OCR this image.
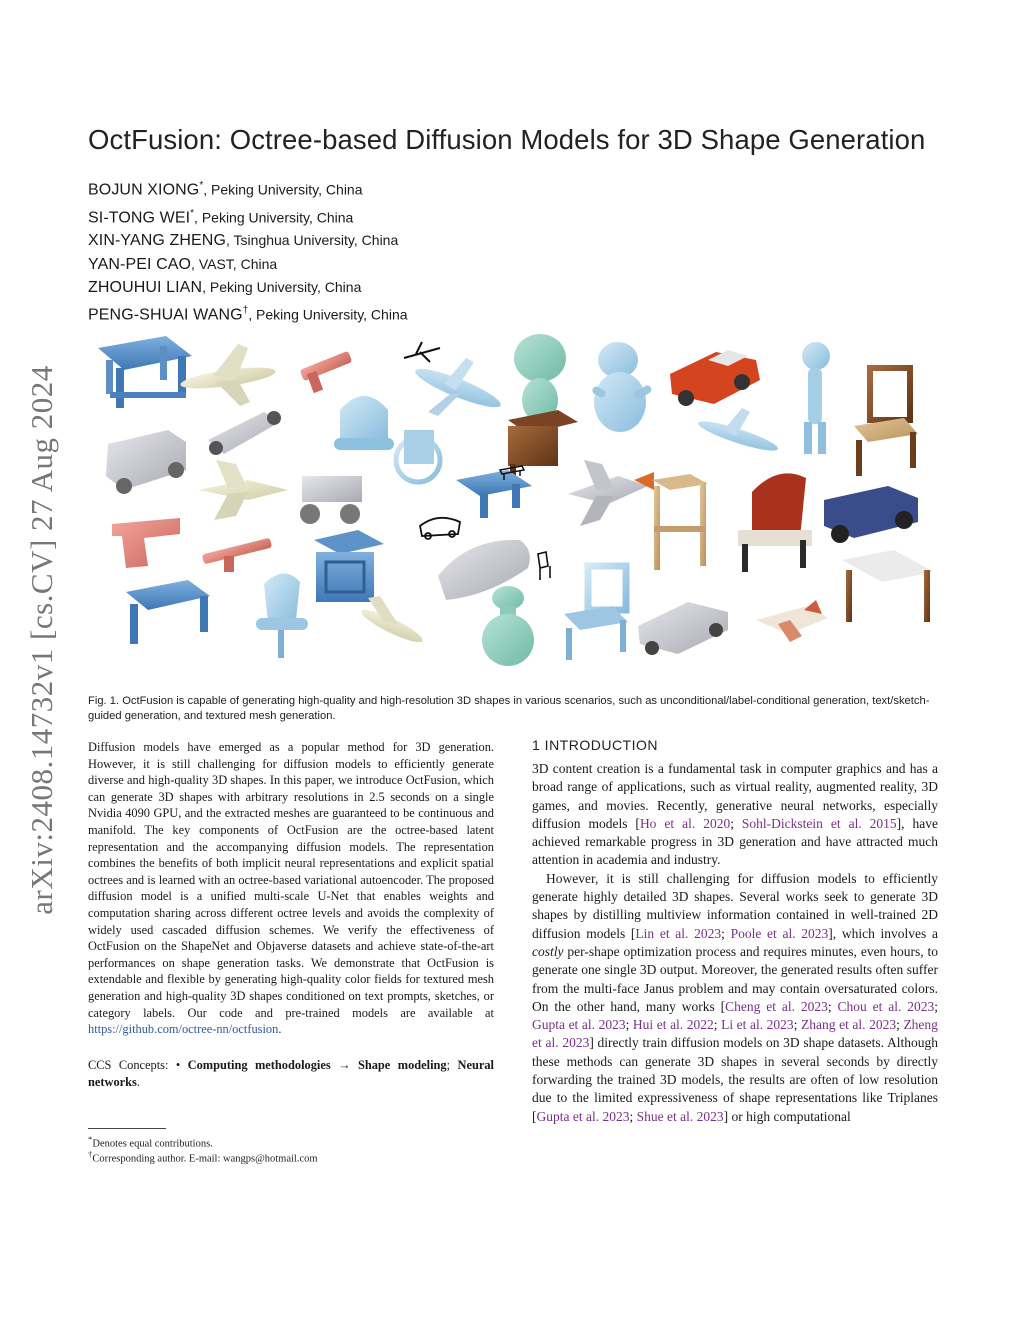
arXiv:2408.14732v1 [cs.CV] 27 Aug 2024
OctFusion: Octree-based Diffusion Models for 3D Shape Generation
BOJUN XIONG*, Peking University, China
SI-TONG WEI*, Peking University, China
XIN-YANG ZHENG, Tsinghua University, China
YAN-PEI CAO, VAST, China
ZHOUHUI LIAN, Peking University, China
PENG-SHUAI WANG†, Peking University, China
Fig. 1. OctFusion is capable of generating high-quality and high-resolution 3D shapes in various scenarios, such as unconditional/label-conditional generation, text/sketch-guided generation, and textured mesh generation.
Diffusion models have emerged as a popular method for 3D generation. However, it is still challenging for diffusion models to efficiently generate diverse and high-quality 3D shapes. In this paper, we introduce OctFusion, which can generate 3D shapes with arbitrary resolutions in 2.5 seconds on a single Nvidia 4090 GPU, and the extracted meshes are guaranteed to be continuous and manifold. The key components of OctFusion are the octree-based latent representation and the accompanying diffusion models. The representation combines the benefits of both implicit neural representations and explicit spatial octrees and is learned with an octree-based variational autoencoder. The proposed diffusion model is a unified multi-scale U-Net that enables weights and computation sharing across different octree levels and avoids the complexity of widely used cascaded diffusion schemes. We verify the effectiveness of OctFusion on the ShapeNet and Objaverse datasets and achieve state-of-the-art performances on shape generation tasks. We demonstrate that OctFusion is extendable and flexible by generating high-quality color fields for textured mesh generation and high-quality 3D shapes conditioned on text prompts, sketches, or category labels. Our code and pre-trained models are available at https://github.com/octree-nn/octfusion.
CCS Concepts: • Computing methodologies → Shape modeling; Neural networks.
*Denotes equal contributions.
†Corresponding author. E-mail: wangps@hotmail.com
1 INTRODUCTION

3D content creation is a fundamental task in computer graphics and has a broad range of applications, such as virtual reality, augmented reality, 3D games, and movies. Recently, generative neural networks, especially diffusion models [Ho et al. 2020; Sohl-Dickstein et al. 2015], have achieved remarkable progress in 3D generation and have attracted much attention in academia and industry.

However, it is still challenging for diffusion models to efficiently generate highly detailed 3D shapes. Several works seek to generate 3D shapes by distilling multiview information contained in well-trained 2D diffusion models [Lin et al. 2023; Poole et al. 2023], which involves a costly per-shape optimization process and requires minutes, even hours, to generate one single 3D output. Moreover, the generated results often suffer from the multi-face Janus problem and may contain oversaturated colors. On the other hand, many works [Cheng et al. 2023; Chou et al. 2023; Gupta et al. 2023; Hui et al. 2022; Li et al. 2023; Zhang et al. 2023; Zheng et al. 2023] directly train diffusion models on 3D shape datasets. Although these methods can generate 3D shapes in several seconds by directly forwarding the trained 3D models, the results are often of low resolution due to the limited expressiveness of shape representations like Triplanes [Gupta et al. 2023; Shue et al. 2023] or high computational
